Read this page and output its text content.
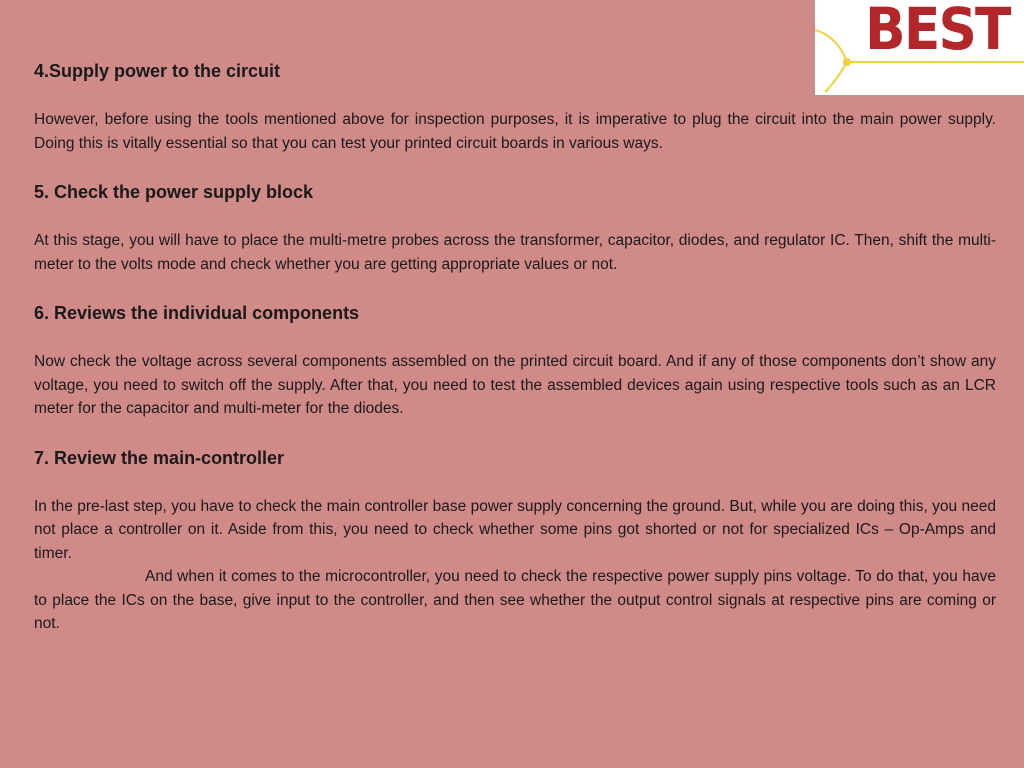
BEST
4.Supply power to the circuit

However, before using the tools mentioned above for inspection purposes, it is imperative to plug the circuit into the main power supply. Doing this is vitally essential so that you can test your printed circuit boards in various ways.

5. Check the power supply block

At this stage, you will have to place the multi-metre probes across the transformer, capacitor, diodes, and regulator IC. Then, shift the multi-meter to the volts mode and check whether you are getting appropriate values or not.

6. Reviews the individual components

Now check the voltage across several components assembled on the printed circuit board. And if any of those components don’t show any voltage, you need to switch off the supply. After that, you need to test the assembled devices again using respective tools such as an LCR meter for the capacitor and multi-meter for the diodes.

7. Review the main-controller

In the pre-last step, you have to check the main controller base power supply concerning the ground. But, while you are doing this, you need not place a controller on it. Aside from this, you need to check whether some pins got shorted or not for specialized ICs – Op-Amps and timer.

And when it comes to the microcontroller, you need to check the respective power supply pins voltage. To do that, you have to place the ICs on the base, give input to the controller, and then see whether the output control signals at respective pins are coming or not.
